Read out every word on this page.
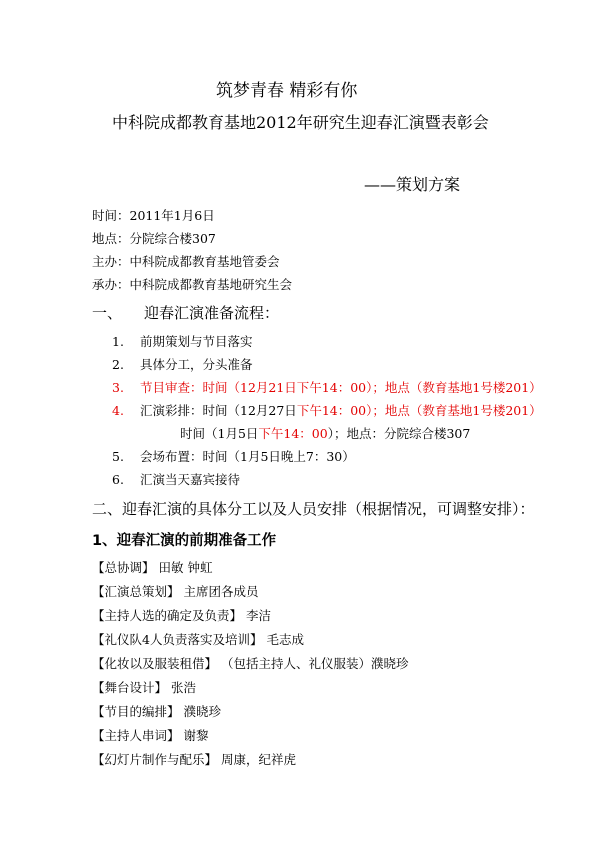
筑梦青春 精彩有你
中科院成都教育基地2012年研究生迎春汇演暨表彰会
——策划方案
时间：2011年1月6日
地点：分院综合楼307
主办：中科院成都教育基地管委会
承办：中科院成都教育基地研究生会
一、 迎春汇演准备流程：
1. 前期策划与节目落实
2. 具体分工，分头准备
3. 节目审查：时间（12月21日下午14：00）；地点（教育基地1号楼201）
4. 汇演彩排：时间（12月27日下午14：00）；地点（教育基地1号楼201）
时间（1月5日下午14：00）；地点：分院综合楼307
5. 会场布置：时间（1月5日晚上7：30）
6. 汇演当天嘉宾接待
二、迎春汇演的具体分工以及人员安排（根据情况，可调整安排）：
1、迎春汇演的前期准备工作
【总协调】 田敏 钟虹
【汇演总策划】 主席团各成员
【主持人选的确定及负责】 李洁
【礼仪队4人负责落实及培训】 毛志成
【化妆以及服装租借】 （包括主持人、礼仪服装）濮晓珍
【舞台设计】 张浩
【节目的编排】 濮晓珍
【主持人串词】 谢黎
【幻灯片制作与配乐】 周康，纪祥虎
